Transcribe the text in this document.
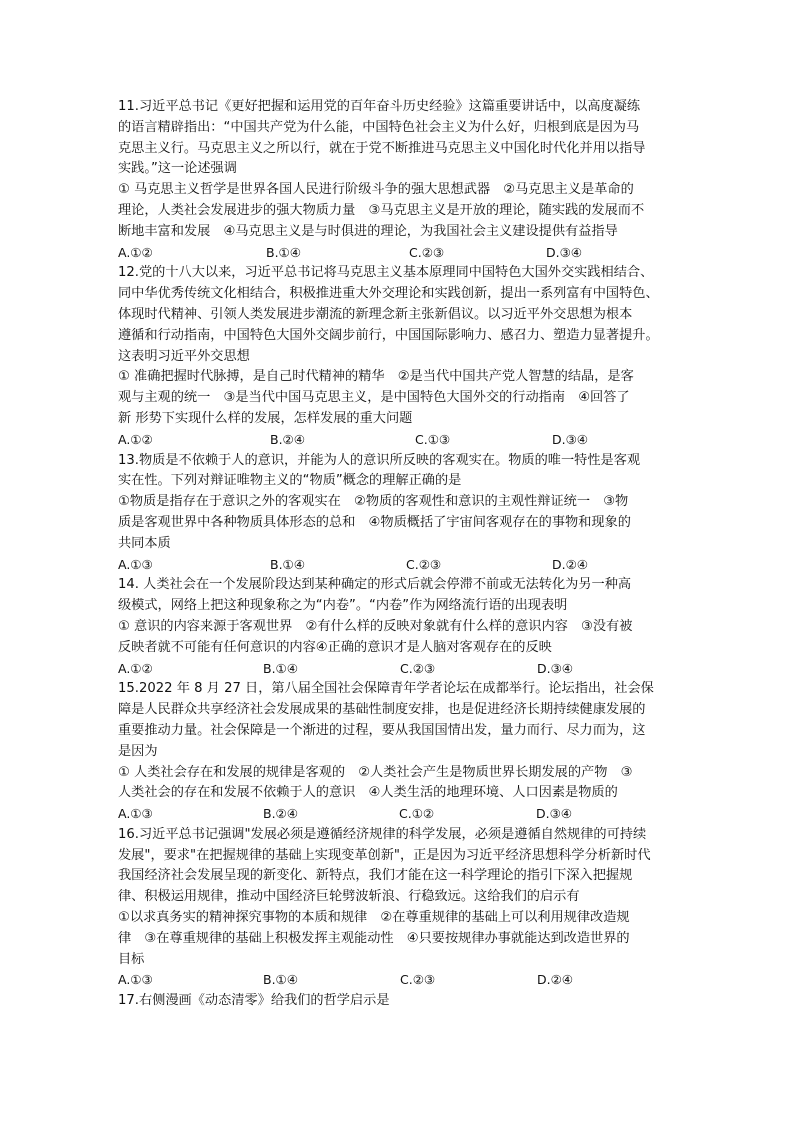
11.习近平总书记《更好把握和运用党的百年奋斗历史经验》这篇重要讲话中，以高度凝练

的语言精辟指出：“中国共产党为什么能，中国特色社会主义为什么好，归根到底是因为马

克思主义行。马克思主义之所以行，就在于党不断推进马克思主义中国化时代化并用以指导

实践。”这一论述强调

① 马克思主义哲学是世界各国人民进行阶级斗争的强大思想武器　②马克思主义是革命的

理论，人类社会发展进步的强大物质力量　③马克思主义是开放的理论，随实践的发展而不

断地丰富和发展　④马克思主义是与时俱进的理论，为我国社会主义建设提供有益指导

A.①②	B.①④	C.②③	D.③④

12.党的十八大以来，习近平总书记将马克思主义基本原理同中国特色大国外交实践相结合、

同中华优秀传统文化相结合，积极推进重大外交理论和实践创新，提出一系列富有中国特色、

体现时代精神、引领人类发展进步潮流的新理念新主张新倡议。以习近平外交思想为根本

遵循和行动指南，中国特色大国外交阔步前行，中国国际影响力、感召力、塑造力显著提升。

这表明习近平外交思想

① 准确把握时代脉搏，是自己时代精神的精华　②是当代中国共产党人智慧的结晶，是客

观与主观的统一　③是当代中国马克思主义，是中国特色大国外交的行动指南　④回答了

新 形势下实现什么样的发展，怎样发展的重大问题

A.①②	B.②④	C.①③	D.③④

13.物质是不依赖于人的意识，并能为人的意识所反映的客观实在。物质的唯一特性是客观

实在性。下列对辩证唯物主义的“物质”概念的理解正确的是

①物质是指存在于意识之外的客观实在　②物质的客观性和意识的主观性辩证统一　③物

质是客观世界中各种物质具体形态的总和　④物质概括了宇宙间客观存在的事物和现象的

共同本质

A.①③	B.①④	C.②③	D.②④

14. 人类社会在一个发展阶段达到某种确定的形式后就会停滞不前或无法转化为另一种高

级模式，网络上把这种现象称之为“内卷”。“内卷”作为网络流行语的出现表明

① 意识的内容来源于客观世界　②有什么样的反映对象就有什么样的意识内容　③没有被

反映者就不可能有任何意识的内容④正确的意识才是人脑对客观存在的反映

A.①②	B.①④	C.②③	D.③④

15.2022 年 8 月 27 日，第八届全国社会保障青年学者论坛在成都举行。论坛指出，社会保

障是人民群众共享经济社会发展成果的基础性制度安排，也是促进经济长期持续健康发展的

重要推动力量。社会保障是一个渐进的过程，要从我国国情出发，量力而行、尽力而为，这

是因为

① 人类社会存在和发展的规律是客观的　②人类社会产生是物质世界长期发展的产物　③

人类社会的存在和发展不依赖于人的意识　④人类生活的地理环境、人口因素是物质的

A.①③	B.②④	C.①②	D.③④

16.习近平总书记强调"发展必须是遵循经济规律的科学发展，必须是遵循自然规律的可持续

发展"，要求"在把握规律的基础上实现变革创新"，正是因为习近平经济思想科学分析新时代

我国经济社会发展呈现的新变化、新特点，我们才能在这一科学理论的指引下深入把握规

律、积极运用规律，推动中国经济巨轮劈波斩浪、行稳致远。这给我们的启示有

①以求真务实的精神探究事物的本质和规律　②在尊重规律的基础上可以利用规律改造规

律　③在尊重规律的基础上积极发挥主观能动性　④只要按规律办事就能达到改造世界的

目标

A.①③	B.①④	C.②③	D.②④

17.右侧漫画《动态清零》给我们的哲学启示是
